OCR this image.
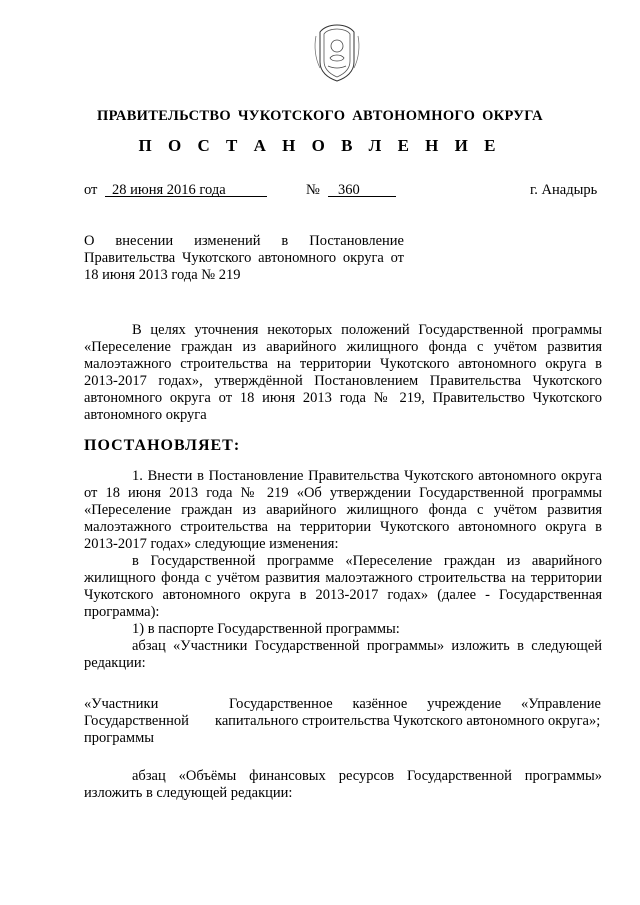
ПРАВИТЕЛЬСТВО ЧУКОТСКОГО АВТОНОМНОГО ОКРУГА
П О С Т А Н О В Л Е Н И Е
от 28 июня 2016 года	№ 360	г. Анадырь

О внесении изменений в Постановление Правительства Чукотского автономного округа от 18 июня 2013 года № 219

В целях уточнения некоторых положений Государственной программы «Переселение граждан из аварийного жилищного фонда с учётом развития малоэтажного строительства на территории Чукотского автономного округа в 2013-2017 годах», утверждённой Постановлением Правительства Чукотского автономного округа от 18 июня 2013 года № 219, Правительство Чукотского автономного округа

ПОСТАНОВЛЯЕТ:

1. Внести в Постановление Правительства Чукотского автономного округа от 18 июня 2013 года № 219 «Об утверждении Государственной программы «Переселение граждан из аварийного жилищного фонда с учётом развития малоэтажного строительства на территории Чукотского автономного округа в 2013-2017 годах» следующие изменения:

в Государственной программе «Переселение граждан из аварийного жилищного фонда с учётом развития малоэтажного строительства на территории Чукотского автономного округа в 2013-2017 годах» (далее - Государственная программа):

1) в паспорте Государственной программы:

абзац «Участники Государственной программы» изложить в следующей редакции:

«Участники Государственной программы

Государственное казённое учреждение «Управление капитального строительства Чукотского автономного округа»;

абзац «Объёмы финансовых ресурсов Государственной программы» изложить в следующей редакции:
